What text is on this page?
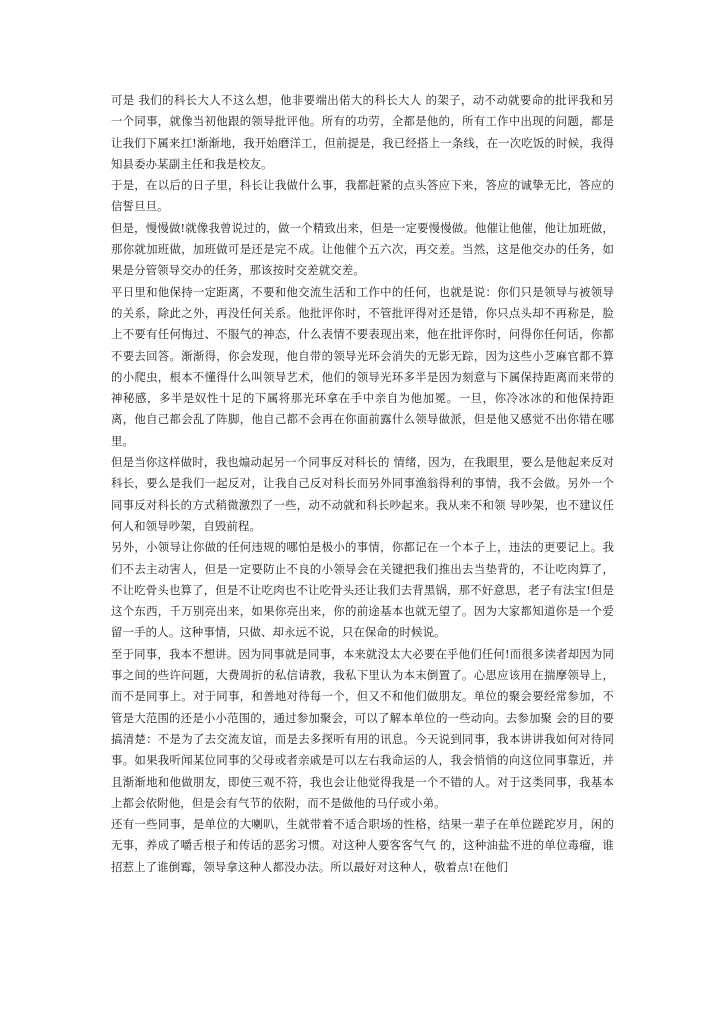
可是 我们的科长大人不这么想，他非要端出偌大的科长大人 的架子，动不动就要命的批评我和另一个同事，就像当初他跟的领导批评他。所有的功劳，全都是他的，所有工作中出现的问题，都是让我们下属来扛!渐渐地，我开始磨洋工，但前提是，我已经搭上一条线，在一次吃饭的时候，我得知县委办某副主任和我是校友。

于是，在以后的日子里，科长让我做什么事，我都赶紧的点头答应下来，答应的诚挚无比，答应的信誓旦旦。

但是，慢慢做!就像我曾说过的，做一个精致出来，但是一定要慢慢做。他催让他催，他让加班做，那你就加班做，加班做可是还是完不成。让他催个五六次，再交差。当然，这是他交办的任务，如果是分管领导交办的任务，那该按时交差就交差。

平日里和他保持一定距离，不要和他交流生活和工作中的任何，也就是说：你们只是领导与被领导的关系，除此之外，再没任何关系。他批评你时，不管批评得对还是错，你只点头却不再称是，脸上不要有任何悔过、不服气的神态，什么表情不要表现出来，他在批评你时，问得你任何话，你都不要去回答。渐渐得，你会发现，他自带的领导光环会消失的无影无踪，因为这些小芝麻官都不算的小爬虫，根本不懂得什么叫领导艺术，他们的领导光环多半是因为刻意与下属保持距离而来带的神秘感，多半是奴性十足的下属将那光环拿在手中亲自为他加冕。一旦，你冷冰冰的和他保持距离，他自己都会乱了阵脚，他自己都不会再在你面前露什么领导做派，但是他又感觉不出你错在哪里。

但是当你这样做时，我也煽动起另一个同事反对科长的 情绪，因为，在我眼里，要么是他起来反对科长，要么是我们一起反对，让我自己反对科长而另外同事渔翁得利的事情，我不会做。另外一个同事反对科长的方式稍微激烈了一些，动不动就和科长吵起来。我从来不和领 导吵架，也不建议任何人和领导吵架，自毁前程。

另外，小领导让你做的任何违规的哪怕是极小的事情，你都记在一个本子上，违法的更要记上。我们不去主动害人，但是一定要防止不良的小领导会在关键把我们推出去当垫背的，不让吃肉算了，不让吃骨头也算了，但是不让吃肉也不让吃骨头还让我们去背黑锅，那不好意思，老子有法宝!但是这个东西，千万别亮出来，如果你亮出来，你的前途基本也就无望了。因为大家都知道你是一个爱留一手的人。这种事情，只做、却永远不说，只在保命的时候说。

至于同事，我本不想讲。因为同事就是同事，本来就没太大必要在乎他们任何!而很多读者却因为同事之间的些许问题，大费周折的私信请教，我私下里认为本末倒置了。心思应该用在揣摩领导上，而不是同事上。对于同事，和善地对待每一个，但又不和他们做朋友。单位的聚会要经常参加，不管是大范围的还是小小范围的，通过参加聚会，可以了解本单位的一些动向。去参加聚 会的目的要搞清楚：不是为了去交流友谊，而是去多探听有用的讯息。今天说到同事，我本讲讲我如何对待同事。如果我听闻某位同事的父母或者亲戚是可以左右我命运的人，我会悄悄的向这位同事靠近，并且渐渐地和他做朋友，即使三观不符，我也会让他觉得我是一个不错的人。对于这类同事，我基本上都会依附他，但是会有气节的依附，而不是做他的马仔或小弟。

还有一些同事，是单位的大喇叭，生就带着不适合职场的性格，结果一辈子在单位蹉跎岁月，闲的无事，养成了嚼舌根子和传话的恶劣习惯。对这种人要客客气气 的，这种油盐不进的单位毒瘤，谁招惹上了谁倒霉，领导拿这种人都没办法。所以最好对这种人，敬着点!在他们
